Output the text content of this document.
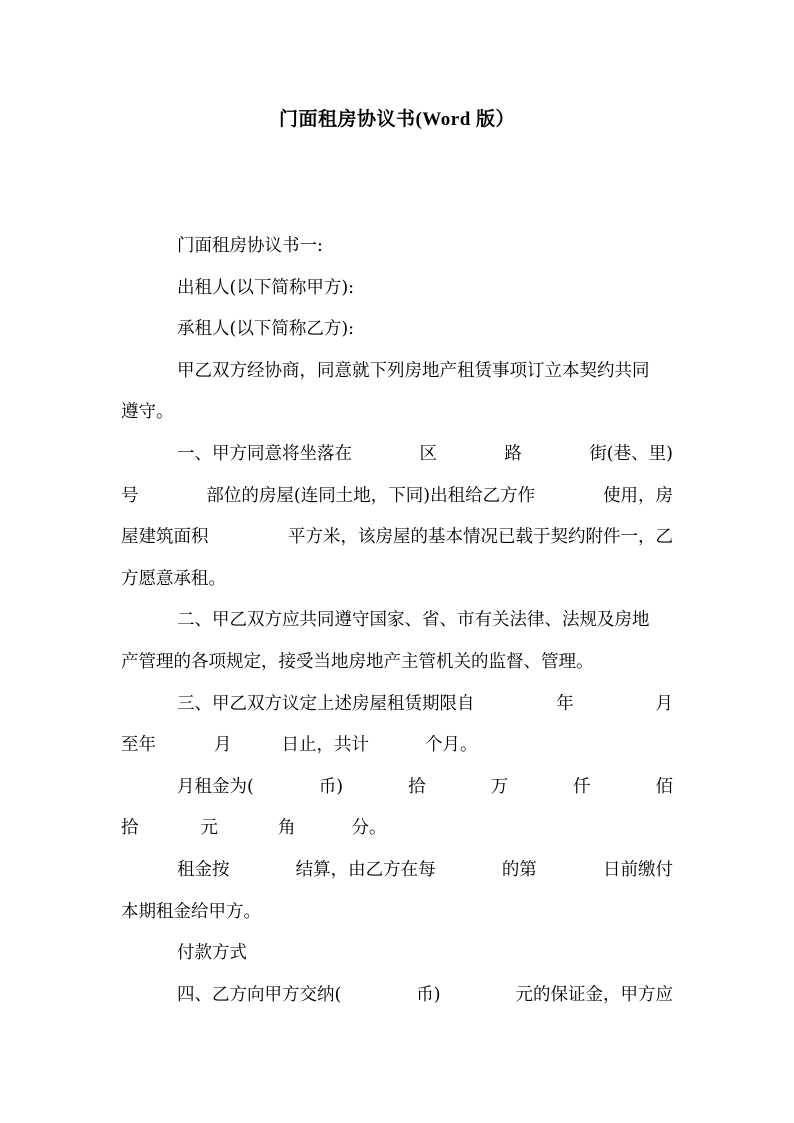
门面租房协议书(Word 版）
门面租房协议书一:
出租人(以下简称甲方):
承租人(以下简称乙方):
甲乙双方经协商，同意就下列房地产租赁事项订立本契约共同
遵守。
一、甲方同意将坐落在	区	路	街(巷、里)
号	部位的房屋(连同土地，下同)出租给乙方作	使用，房
屋建筑面积	平方米，该房屋的基本情况已载于契约附件一，乙
方愿意承租。
二、甲乙双方应共同遵守国家、省、市有关法律、法规及房地
产管理的各项规定，接受当地房地产主管机关的监督、管理。
三、甲乙双方议定上述房屋租赁期限自	年	月
至年	月	日止，共计	个月。
月租金为(	币)	拾	万	仟	佰
拾	元	角	分。
租金按	结算，由乙方在每	的第	日前缴付
本期租金给甲方。
付款方式
四、乙方向甲方交纳(	币)	元的保证金，甲方应
